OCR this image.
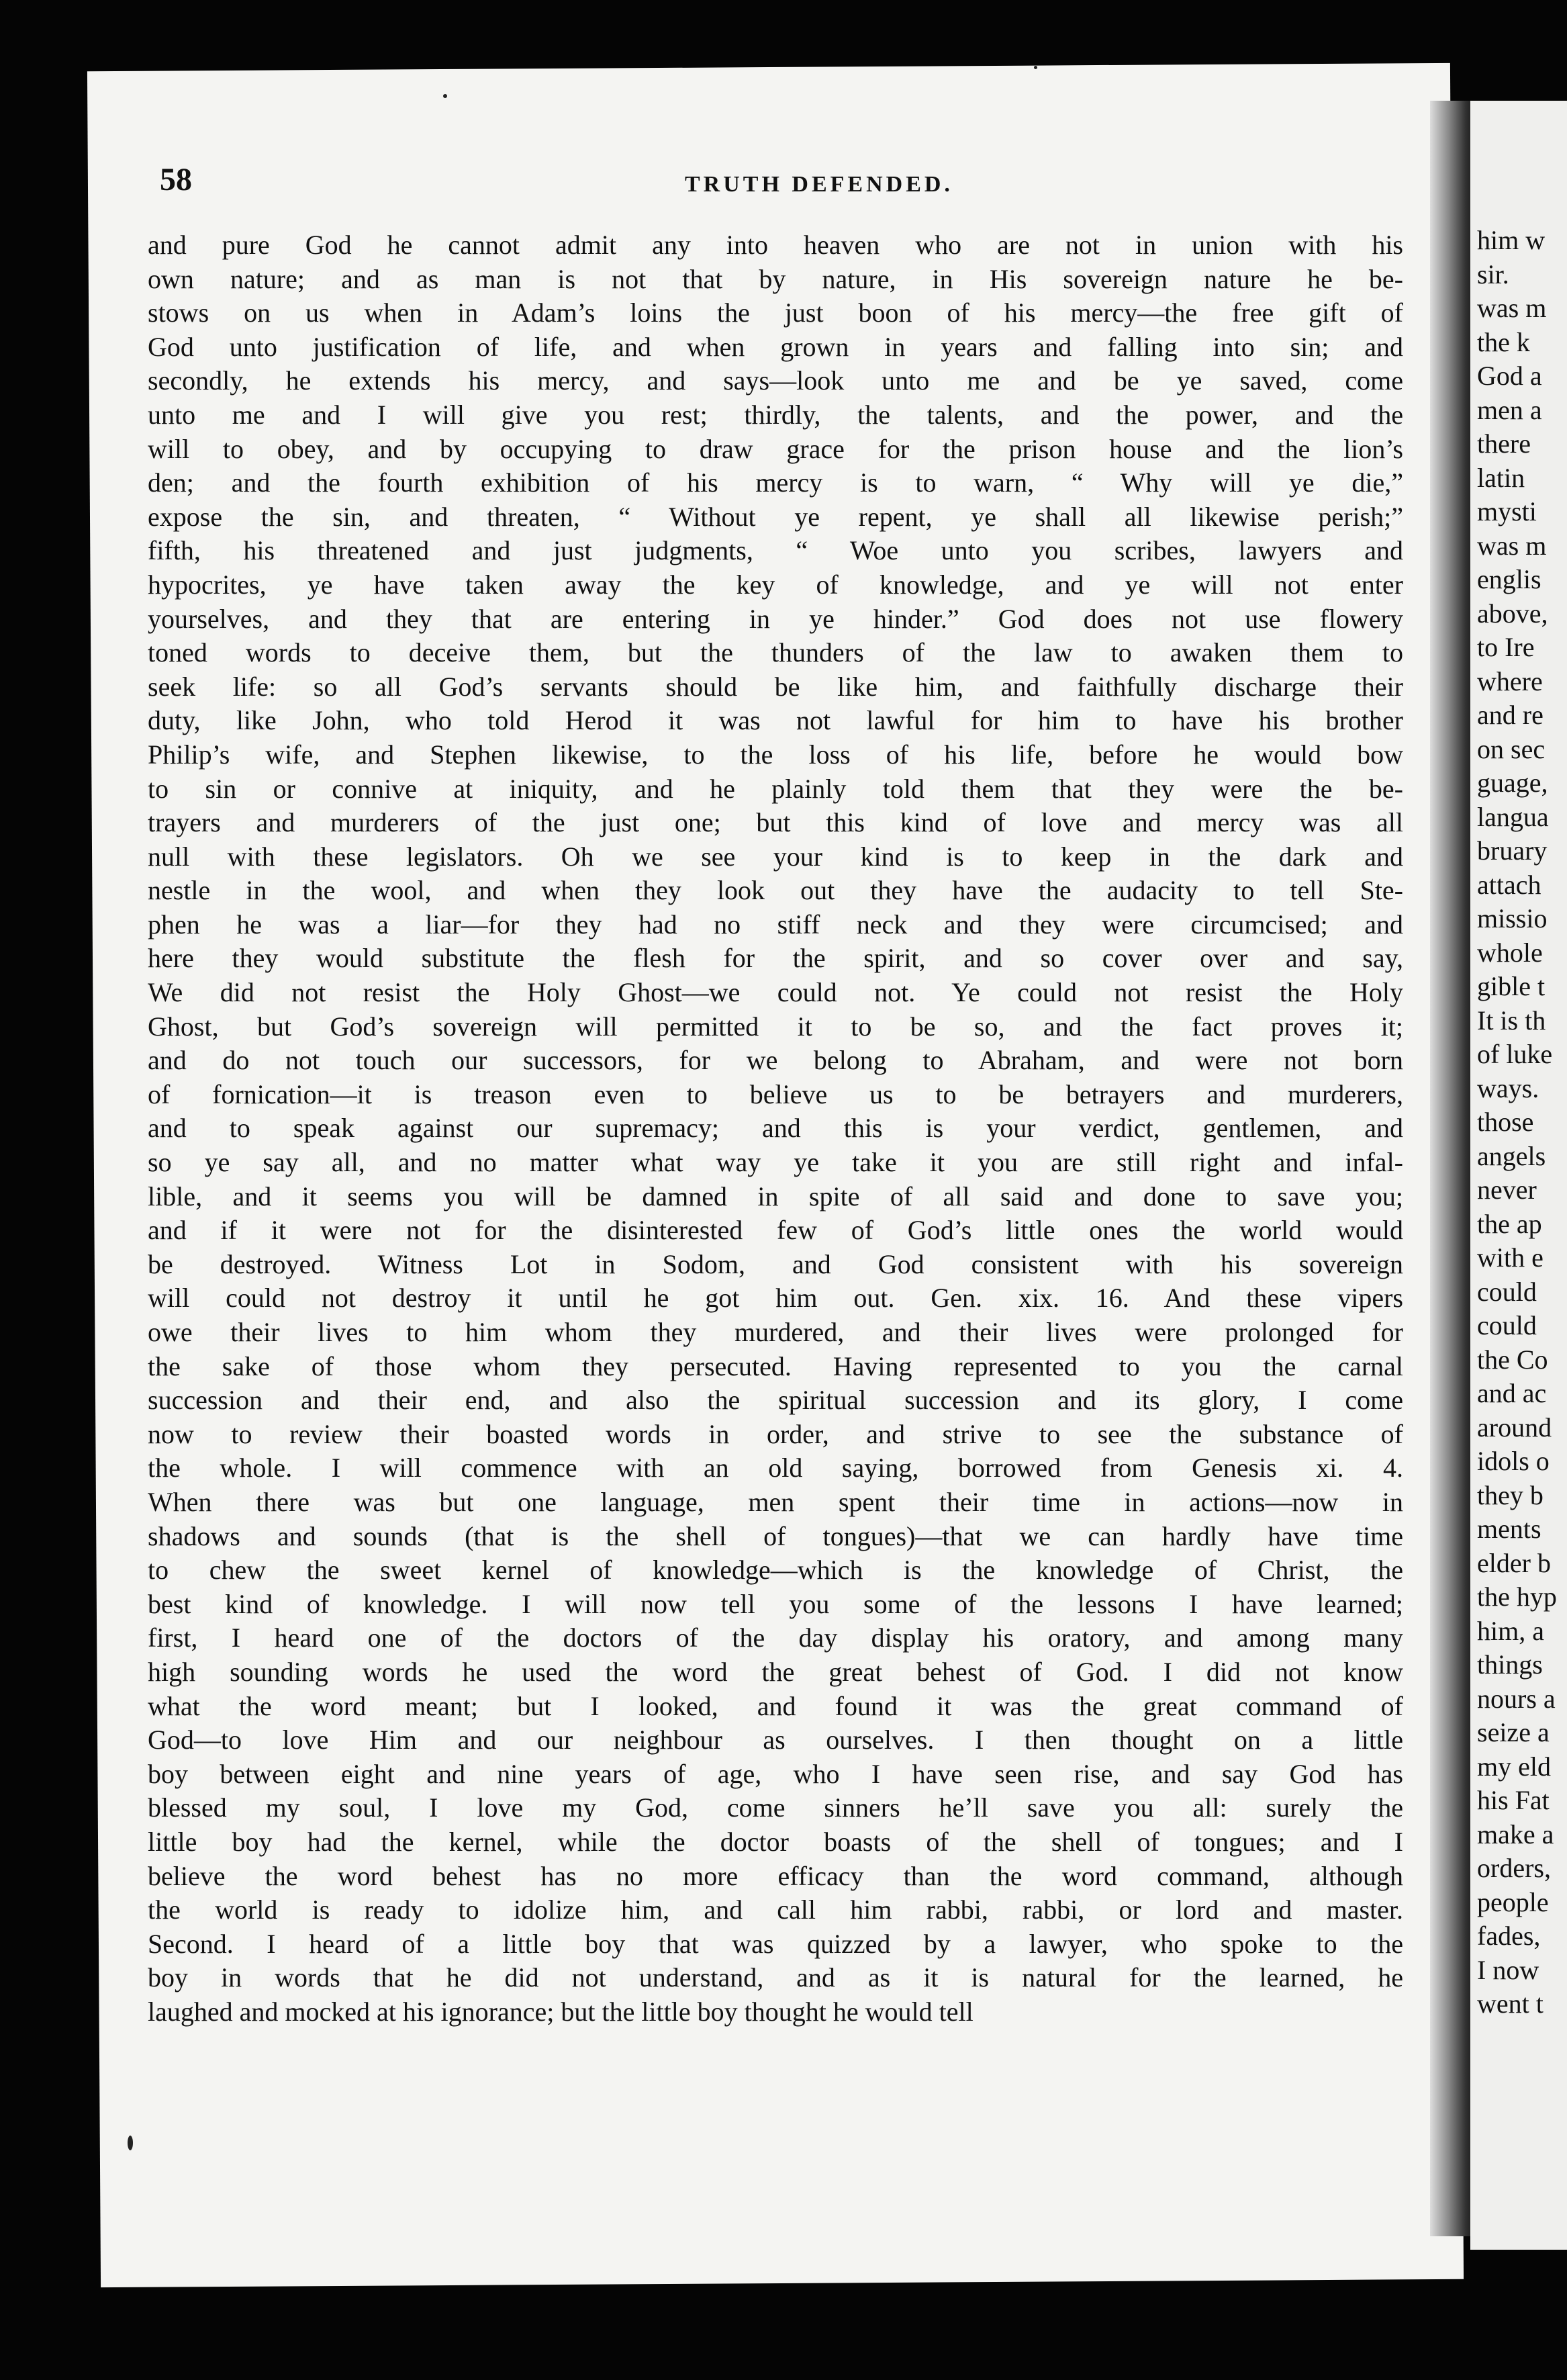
him w
sir.
was m
the k
God a
men a
there
latin
mysti
was m
englis
above,
to Ire
where
and re
on sec
guage,
langua
bruary
attach
missio
whole
gible t
It is th
of luke
ways.
those
angels
never
the ap
with e
could
could
the Co
and ac
around
idols o
they b
ments
elder b
the hyp
him, a
things
nours a
seize a
my eld
his Fat
make a
orders,
people
fades,
I now
went t
58	TRUTH DEFENDED.
and pure God he cannot admit any into heaven who are not in union with his
own nature; and as man is not that by nature, in His sovereign nature he be-
stows on us when in Adam’s loins the just boon of his mercy—the free gift of
God unto justification of life, and when grown in years and falling into sin; and
secondly, he extends his mercy, and says—look unto me and be ye saved, come
unto me and I will give you rest; thirdly, the talents, and the power, and the
will to obey, and by occupying to draw grace for the prison house and the lion’s
den; and the fourth exhibition of his mercy is to warn, “ Why will ye die,”
expose the sin, and threaten, “ Without ye repent, ye shall all likewise perish;”
fifth, his threatened and just judgments, “ Woe unto you scribes, lawyers and
hypocrites, ye have taken away the key of knowledge, and ye will not enter
yourselves, and they that are entering in ye hinder.” God does not use flowery
toned words to deceive them, but the thunders of the law to awaken them to
seek life: so all God’s servants should be like him, and faithfully discharge their
duty, like John, who told Herod it was not lawful for him to have his brother
Philip’s wife, and Stephen likewise, to the loss of his life, before he would bow
to sin or connive at iniquity, and he plainly told them that they were the be-
trayers and murderers of the just one; but this kind of love and mercy was all
null with these legislators. Oh we see your kind is to keep in the dark and
nestle in the wool, and when they look out they have the audacity to tell Ste-
phen he was a liar—for they had no stiff neck and they were circumcised; and
here they would substitute the flesh for the spirit, and so cover over and say,
We did not resist the Holy Ghost—we could not. Ye could not resist the Holy
Ghost, but God’s sovereign will permitted it to be so, and the fact proves it;
and do not touch our successors, for we belong to Abraham, and were not born
of fornication—it is treason even to believe us to be betrayers and murderers,
and to speak against our supremacy; and this is your verdict, gentlemen, and
so ye say all, and no matter what way ye take it you are still right and infal-
lible, and it seems you will be damned in spite of all said and done to save you;
and if it were not for the disinterested few of God’s little ones the world would
be destroyed. Witness Lot in Sodom, and God consistent with his sovereign
will could not destroy it until he got him out. Gen. xix. 16. And these vipers
owe their lives to him whom they murdered, and their lives were prolonged for
the sake of those whom they persecuted. Having represented to you the carnal
succession and their end, and also the spiritual succession and its glory, I come
now to review their boasted words in order, and strive to see the substance of
the whole. I will commence with an old saying, borrowed from Genesis xi. 4.
When there was but one language, men spent their time in actions—now in
shadows and sounds (that is the shell of tongues)—that we can hardly have time
to chew the sweet kernel of knowledge—which is the knowledge of Christ, the
best kind of knowledge. I will now tell you some of the lessons I have learned;
first, I heard one of the doctors of the day display his oratory, and among many
high sounding words he used the word the great behest of God. I did not know
what the word meant; but I looked, and found it was the great command of
God—to love Him and our neighbour as ourselves. I then thought on a little
boy between eight and nine years of age, who I have seen rise, and say God has
blessed my soul, I love my God, come sinners he’ll save you all: surely the
little boy had the kernel, while the doctor boasts of the shell of tongues; and I
believe the word behest has no more efficacy than the word command, although
the world is ready to idolize him, and call him rabbi, rabbi, or lord and master.
Second. I heard of a little boy that was quizzed by a lawyer, who spoke to the
boy in words that he did not understand, and as it is natural for the learned, he
laughed and mocked at his ignorance; but the little boy thought he would tell
